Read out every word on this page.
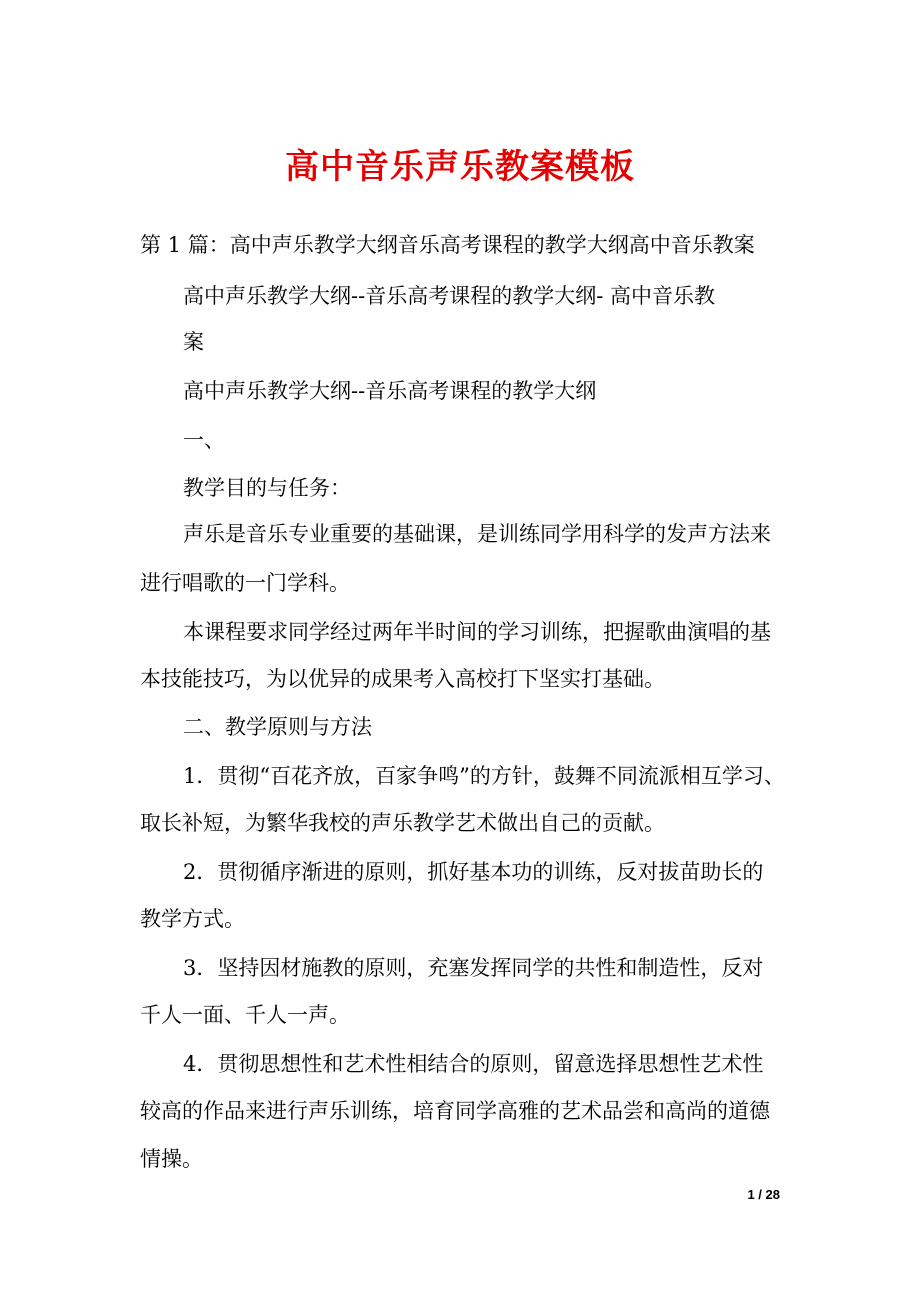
高中音乐声乐教案模板
第 1 篇：高中声乐教学大纲音乐高考课程的教学大纲高中音乐教案
高中声乐教学大纲--音乐高考课程的教学大纲- 高中音乐教
案
高中声乐教学大纲--音乐高考课程的教学大纲
一、
教学目的与任务：
声乐是音乐专业重要的基础课，是训练同学用科学的发声方法来
进行唱歌的一门学科。
本课程要求同学经过两年半时间的学习训练，把握歌曲演唱的基
本技能技巧，为以优异的成果考入高校打下坚实打基础。
二、教学原则与方法
1．贯彻“百花齐放，百家争鸣”的方针，鼓舞不同流派相互学习、
取长补短，为繁华我校的声乐教学艺术做出自己的贡献。
2．贯彻循序渐进的原则，抓好基本功的训练，反对拔苗助长的
教学方式。
3．坚持因材施教的原则，充塞发挥同学的共性和制造性，反对
千人一面、千人一声。
4．贯彻思想性和艺术性相结合的原则，留意选择思想性艺术性
较高的作品来进行声乐训练，培育同学高雅的艺术品尝和高尚的道德
情操。
1 / 28
